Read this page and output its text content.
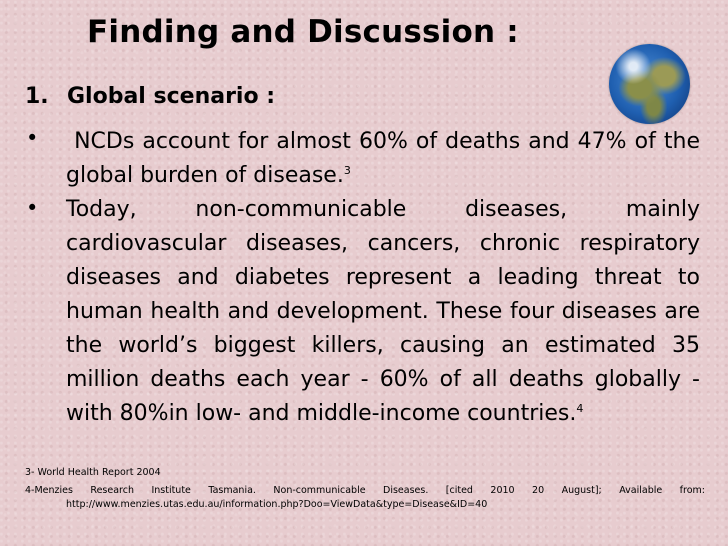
Finding and Discussion :
1. Global scenario :
•	NCDs account for almost 60% of deaths and 47% of the global burden of disease.$^3$
• Today, non-communicable diseases, mainly cardiovascular diseases, cancers, chronic respiratory diseases and diabetes represent a leading threat to human health and development. These four diseases are the world’s biggest killers, causing an estimated 35 million deaths each year - 60% of all deaths globally - with 80%in low- and middle-income countries.$^4$
3- World Health Report 2004
4-Menzies Research Institute Tasmania. Non-communicable Diseases. [cited 2010 20 August]; Available from:
http://www.menzies.utas.edu.au/information.php?Doo=ViewData&type=Disease&ID=40
